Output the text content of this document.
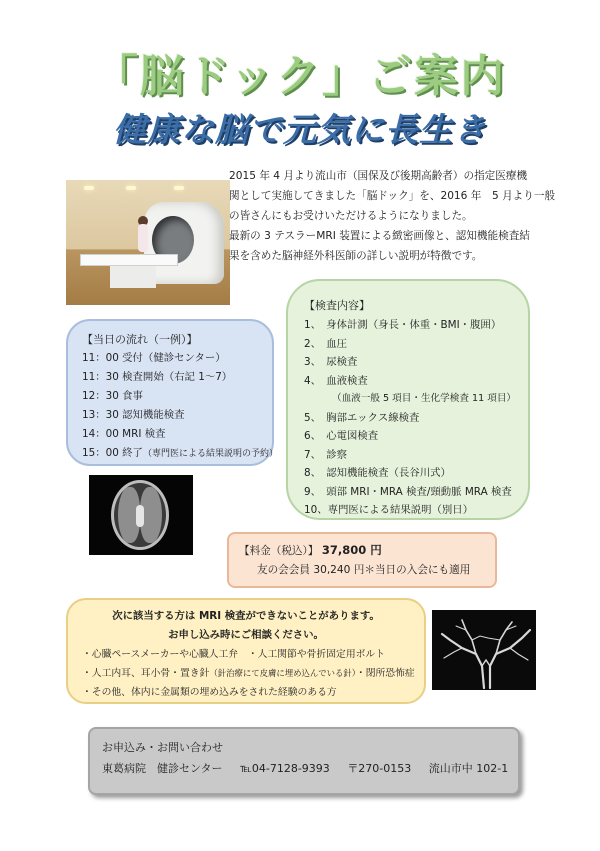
「脳ドック」ご案内
健康な脳で元気に長生き

2015 年 4 月より流山市（国保及び後期高齢者）の指定医療機

関として実施してきました「脳ドック」を、2016 年　5 月より一般

の皆さんにもお受けいただけるようになりました。

最新の 3 テスラーMRI 装置による緻密画像と、認知機能検査結

果を含めた脳神経外科医師の詳しい説明が特徴です。

【検査内容】
1、　身体計測（身長・体重・BMI・腹囲）
2、　血圧
3、　尿検査
4、　血液検査
（血液一般 5 項目・生化学検査 11 項目）
5、　胸部エックス線検査
6、　心電図検査
7、　診察
8、　認知機能検査（長谷川式）
9、　頭部 MRI・MRA 検査/頸動脈 MRA 検査
10、専門医による結果説明（別日）
【当日の流れ（一例）】
11：00 受付（健診センター）
11：30 検査開始（右記 1～7）
12：30 食事
13：30 認知機能検査
14：00 MRI 検査
15：00 終了（専門医による結果説明の予約）
【料金（税込）】 37,800 円
友の会会員 30,240 円＊当日の入会にも適用
次に該当する方は MRI 検査ができないことがあります。
お申し込み時にご相談ください。
・心臓ペースメーカーや心臓人工弁　・人工関節や骨折固定用ボルト
・人工内耳、耳小骨・置き針（針治療にて皮膚に埋め込んでいる針）・閉所恐怖症
・その他、体内に金属類の埋め込みをされた経験のある方
お申込み・お問い合わせ
東葛病院　健診センター ℡04-7128-9393 〒270-0153 流山市中 102-1
